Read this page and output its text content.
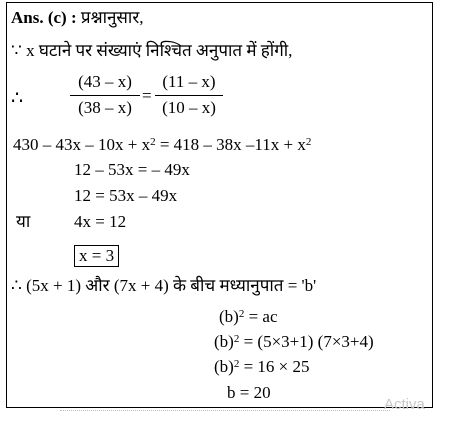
Ans. (c) : प्रश्नानुसार,
∵ x घटाने पर संख्याएं निश्चित अनुपात में होंगी,
∴
(43 – x)
(38 – x)
=
(11 – x)
(10 – x)
$430 - 43x - 10x + x^2 = 418 - 38x$ $-11x + x^2$
12 – 53x = – 49x
12 = 53x – 49x
या	4x = 12
x = 3
∴ (5x + 1) और (7x + 4) के बीच मध्यानुपात = 'b'
$(b)^2$ = ac
$(b)^2 = (5\times 3+1)$ (7×3+4)
$(b)^2 = 16 \times 25$
b = 20
Activa
